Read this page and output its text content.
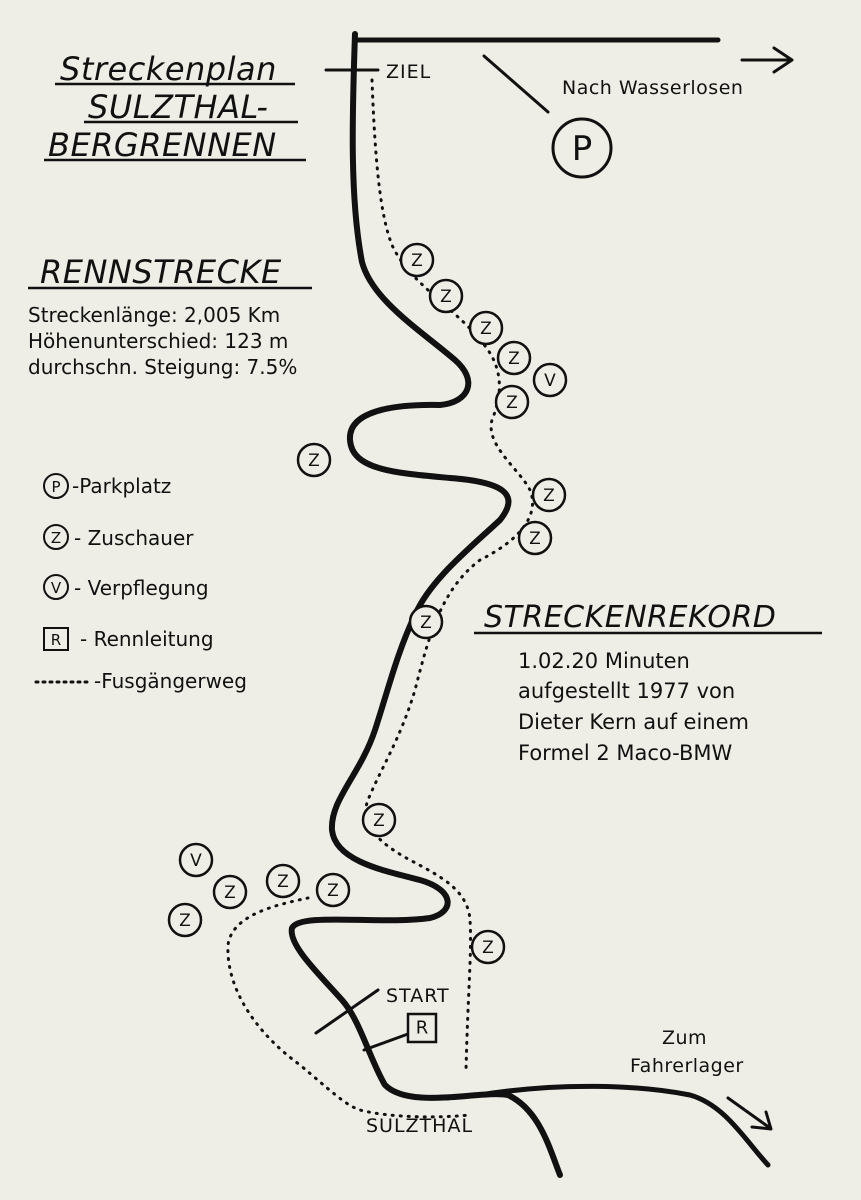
Streckenplan
SULZTHAL-
BERGRENNEN
RENNSTRECKE
Streckenlänge: 2,005 Km
Höhenunterschied: 123 m
durchschn. Steigung: 7.5%
P -Parkplatz
Z - Zuschauer
V - Verpflegung
R - Rennleitung
-Fusgängerweg
P
R
Z
Z
Z
Z
V
Z
Z
Z
Z
Z
Z
V
Z
Z Z
Z
Z
ZIEL
Nach Wasserlosen
START
SULZTHAL
Zum
Fahrerlager
STRECKENREKORD
1.02.20 Minuten
aufgestellt 1977 von
Dieter Kern auf einem
Formel 2 Maco-BMW
